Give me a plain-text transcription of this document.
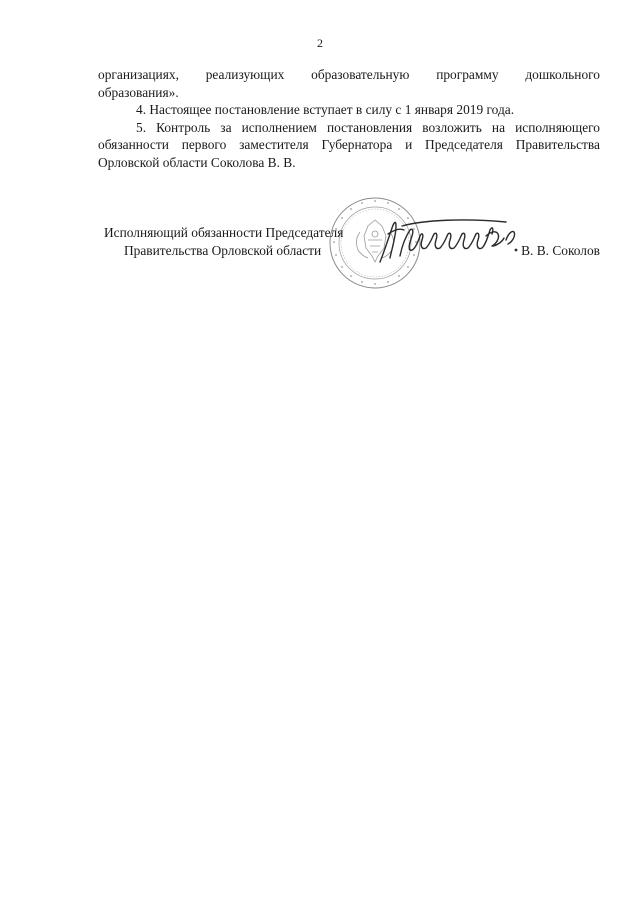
2

организациях, реализующих образовательную программу дошкольного
образования».

4. Настоящее постановление вступает в силу с 1 января 2019 года.

5. Контроль за исполнением постановления возложить на исполняющего обязанности первого заместителя Губернатора и Председателя Правительства Орловской области Соколова В. В.

Исполняющий обязанности Председателя
Правительства Орловской области	В. В. Соколов
